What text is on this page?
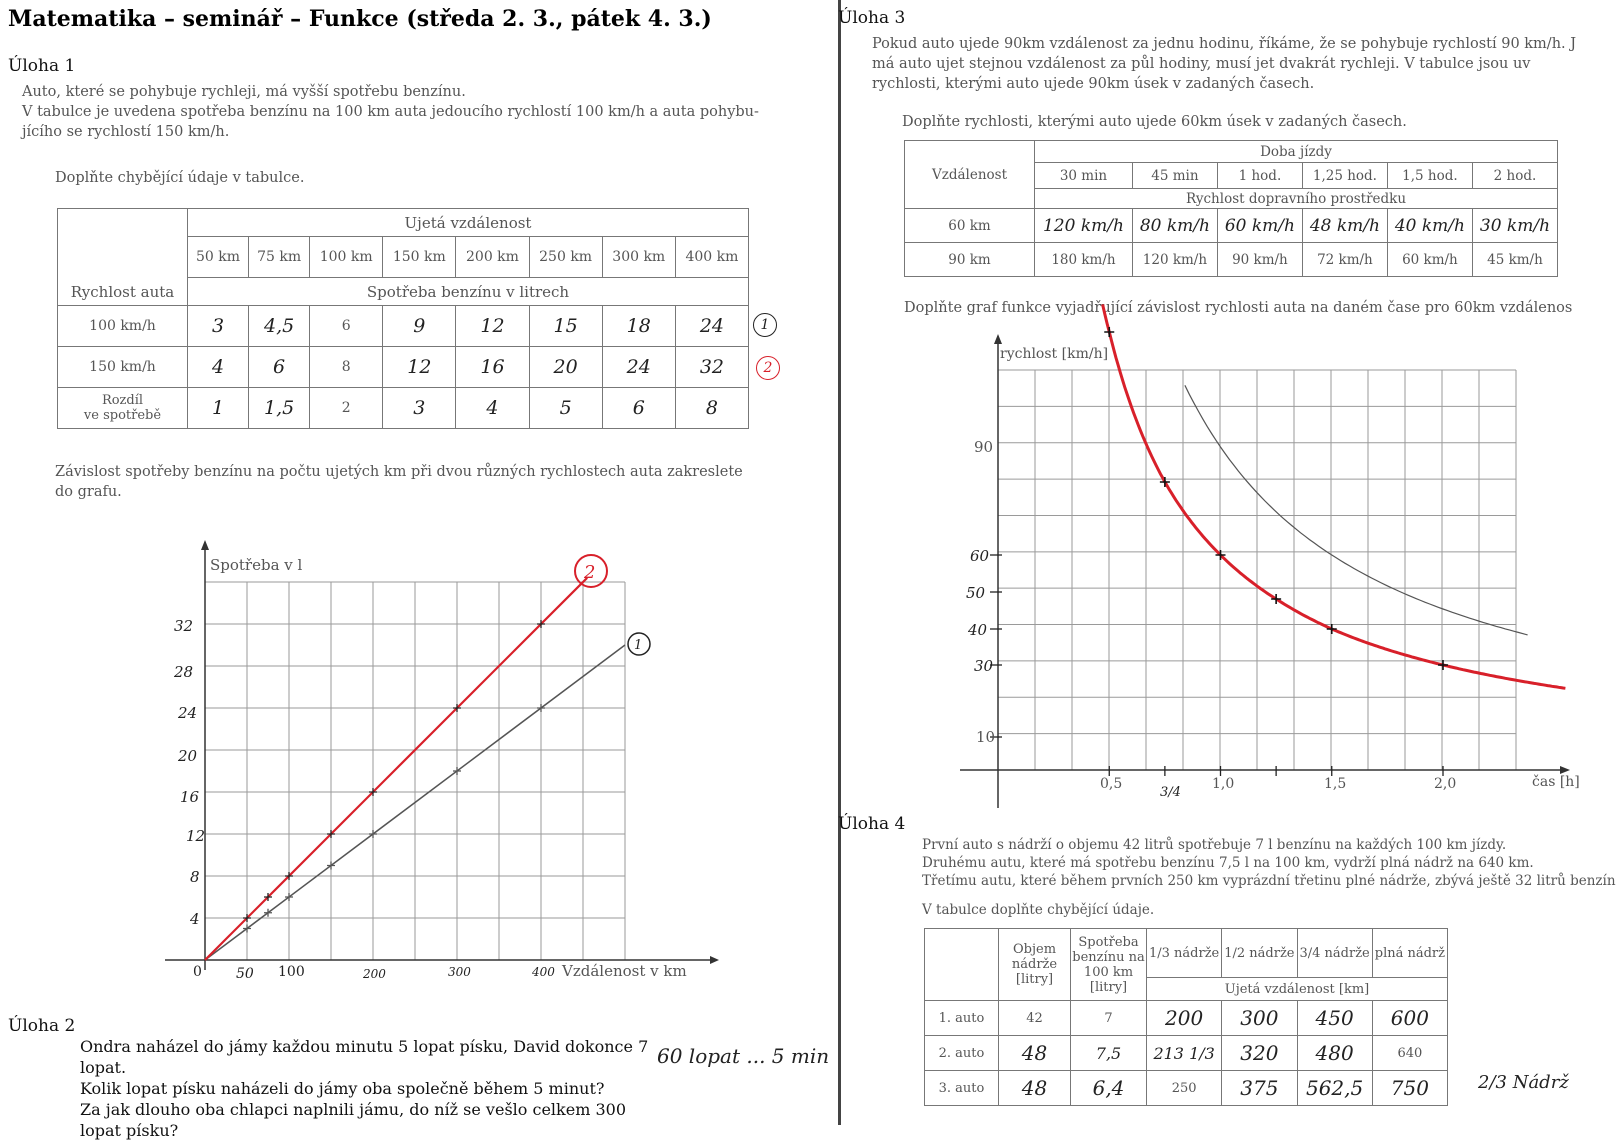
Matematika – seminář – Funkce (středa 2. 3., pátek 4. 3.)
Úloha 1
Auto, které se pohybuje rychleji, má vyšší spotřebu benzínu.
V tabulce je uvedena spotřeba benzínu na 100 km auta jedoucího rychlostí 100 km/h a auta pohybu-
jícího se rychlostí 150 km/h.
Doplňte chybějící údaje v tabulce.
Rychlost auta	Ujetá vzdálenost							
	50 km	75 km	100 km	150 km	200 km	250 km	300 km	400 km
	Spotřeba benzínu v litrech							
100 km/h	3	4,5	6	9	12	15	18	24
150 km/h	4	6	8	12	16	20	24	32

Rozdíl
ve spotřebě	1	1,5	2	3	4	5	6	8
1
2
Závislost spotřeby benzínu na počtu ujetých km při dvou různých rychlostech auta zakreslete
do grafu.
Spotřeba v l
Vzdálenost v km
32
28
24
20
16
12
8
4
0 50 100	200	300	400
2
1
Úloha 2
Ondra naházel do jámy každou minutu 5 lopat písku, David dokonce 7 lopat.
Kolik lopat písku naházeli do jámy oba společně během 5 minut?
Za jak dlouho oba chlapci naplnili jámu, do níž se vešlo celkem 300 lopat písku?
60 lopat ... 5 min
Úloha 3
Pokud auto ujede 90km vzdálenost za jednu hodinu, říkáme, že se pohybuje rychlostí 90 km/h. J
má auto ujet stejnou vzdálenost za půl hodiny, musí jet dvakrát rychleji. V tabulce jsou uv
rychlosti, kterými auto ujede 90km úsek v zadaných časech.
Doplňte rychlosti, kterými auto ujede 60km úsek v zadaných časech.
Vzdálenost	Doba jízdy					
	30 min	45 min	1 hod.	1,25 hod.	1,5 hod.	2 hod.
	Rychlost dopravního prostředku					
60 km	120 km/h	80 km/h	60 km/h	48 km/h	40 km/h	30 km/h
90 km	180 km/h	120 km/h	90 km/h	72 km/h	60 km/h	45 km/h
Doplňte graf funkce vyjadřující závislost rychlosti auta na daném čase pro 60km vzdálenos
rychlost [km/h]
čas [h]
90
60
50
40
30
10
0,5
3/4
1,0	1,5	2,0
Úloha 4
První auto s nádrží o objemu 42 litrů spotřebuje 7 l benzínu na každých 100 km jízdy.
Druhému autu, které má spotřebu benzínu 7,5 l na 100 km, vydrží plná nádrž na 640 km.
Třetímu autu, které během prvních 250 km vyprázdní třetinu plné nádrže, zbývá ještě 32 litrů benzín
V tabulce doplňte chybějící údaje.
	Objem nádrže [litry]	Spotřeba benzínu na 100 km [litry]	1/3 nádrže	1/2 nádrže	3/4 nádrže	plná nádrž
			Ujetá vzdálenost [km]			
1. auto	42	7	200	300	450	600
2. auto	48	7,5	213 1/3	320	480	640
3. auto	48	6,4	250	375	562,5	750	2/3 Nádrž
